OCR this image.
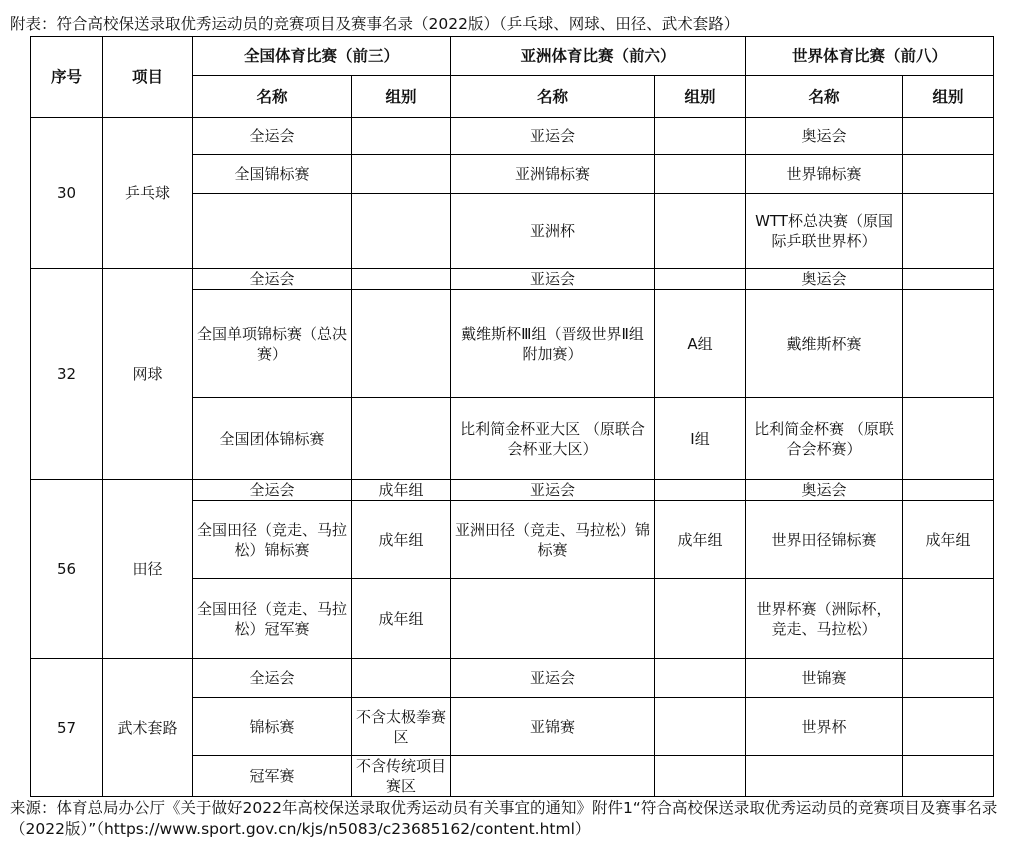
附表：符合高校保送录取优秀运动员的竞赛项目及赛事名录（2022版）（乒乓球、网球、田径、武术套路）
序号	项目	全国体育比赛（前三）		亚洲体育比赛（前六）		世界体育比赛（前八）	
		名称	组别	名称	组别	名称	组别
30	乒乓球	全运会		亚运会		奥运会	
		全国锦标赛		亚洲锦标赛		世界锦标赛	
				亚洲杯		WTT杯总决赛（原国际乒联世界杯）	
32	网球	全运会		亚运会		奥运会	
		全国单项锦标赛（总决 赛）		戴维斯杯Ⅲ组（晋级世界Ⅱ组附加赛）	A组	戴维斯杯赛	
		全国团体锦标赛		比利简金杯亚大区 （原联合会杯亚大区）	Ⅰ组	比利简金杯赛 （原联合会杯赛）	
56	田径	全运会	成年组	亚运会		奥运会	
		全国田径（竞走、马拉松）锦标赛	成年组	亚洲田径（竞走、马拉松）锦标赛	成年组	世界田径锦标赛	成年组
		全国田径（竞走、马拉松）冠军赛	成年组			世界杯赛（洲际杯，竞走、马拉松）	
57	武术套路	全运会		亚运会		世锦赛	
		锦标赛	不含太极拳赛 区	亚锦赛		世界杯	
		冠军赛	不含传统项目赛区				
来源：体育总局办公厅《关于做好2022年高校保送录取优秀运动员有关事宜的通知》附件1“符合高校保送录取优秀运动员的竞赛项目及赛事名录（2022版）”（https://www.sport.gov.cn/kjs/n5083/c23685162/content.html）
